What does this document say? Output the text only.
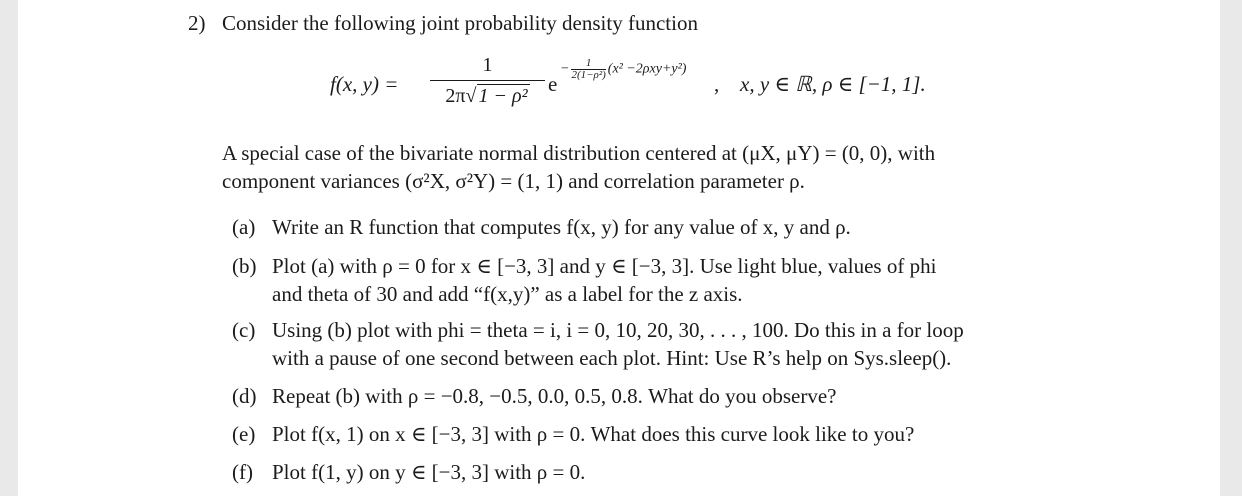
2) Consider the following joint probability density function
f(x, y) =
1
2π√ 1 − ρ²
e
− $\frac{1}{\text{2(1−ρ²)}} (x^2 -2\rho xy+y^2)$
, x, y ∈ ℝ, ρ ∈ [−1, 1].
A special case of the bivariate normal distribution centered at (μX, μY) = (0, 0), with
component variances (σ²X, σ²Y) = (1, 1) and correlation parameter ρ.
(a) Write an R function that computes f(x, y) for any value of x, y and ρ.
(b) Plot (a) with ρ = 0 for x ∈ [−3, 3] and y ∈ [−3, 3]. Use light blue, values of phi
and theta of 30 and add “f(x,y)” as a label for the z axis.
(c) Using (b) plot with phi = theta = i, i = 0, 10, 20, 30, . . . , 100. Do this in a for loop
with a pause of one second between each plot. Hint: Use R’s help on Sys.sleep().
(d) Repeat (b) with ρ = −0.8, −0.5, 0.0, 0.5, 0.8. What do you observe?
(e) Plot f(x, 1) on x ∈ [−3, 3] with ρ = 0. What does this curve look like to you?
(f) Plot f(1, y) on y ∈ [−3, 3] with ρ = 0.
